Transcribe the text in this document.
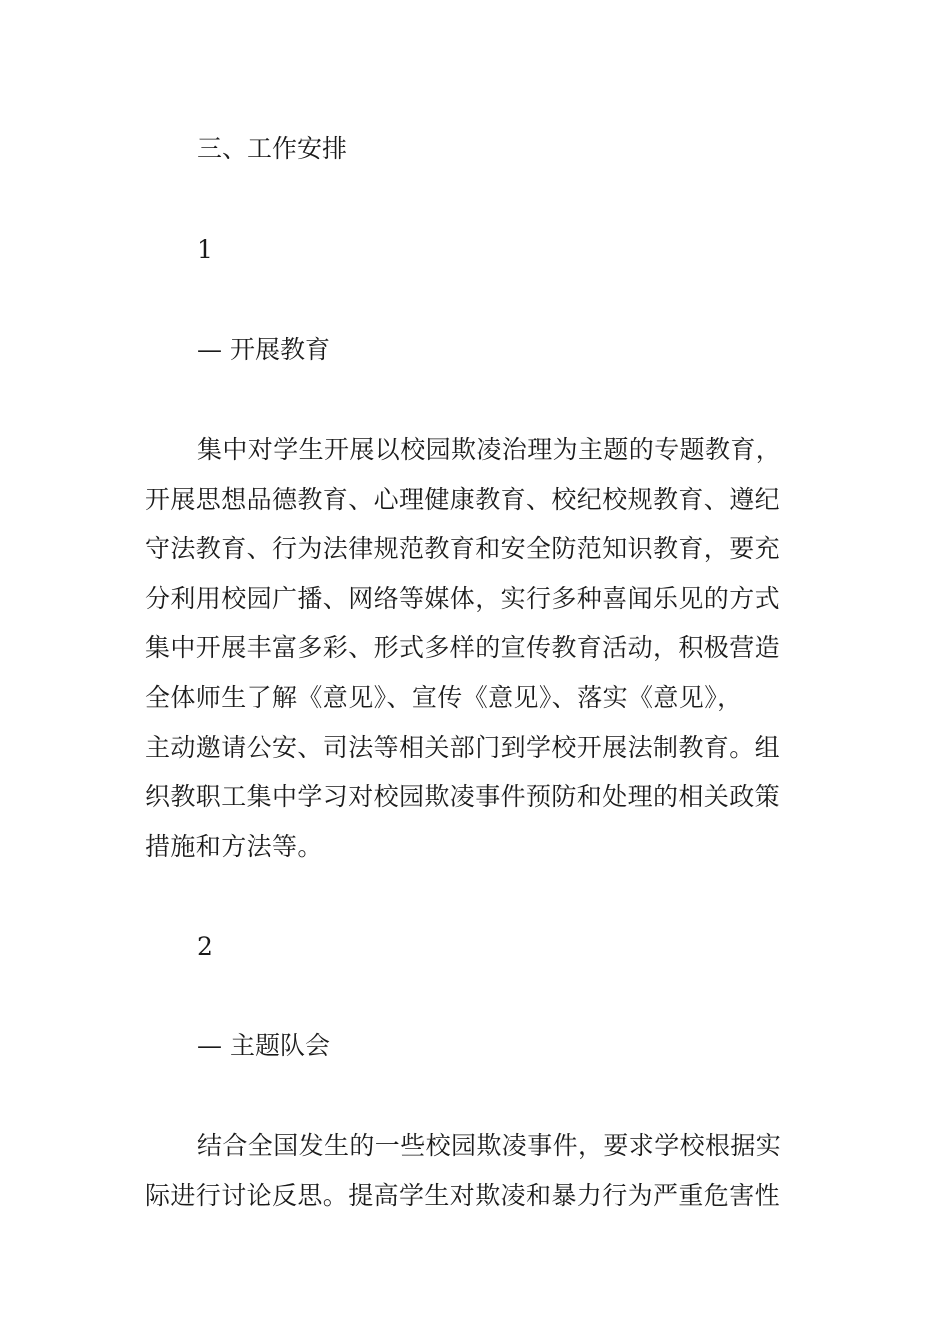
三、工作安排
1
— 开展教育
集中对学生开展以校园欺凌治理为主题的专题教育，
开展思想品德教育、心理健康教育、校纪校规教育、遵纪
守法教育、行为法律规范教育和安全防范知识教育，要充
分利用校园广播、网络等媒体，实行多种喜闻乐见的方式
集中开展丰富多彩、形式多样的宣传教育活动，积极营造
全体师生了解《意见》、宣传《意见》、落实《意见》，
主动邀请公安、司法等相关部门到学校开展法制教育。组
织教职工集中学习对校园欺凌事件预防和处理的相关政策
措施和方法等。
2
— 主题队会
结合全国发生的一些校园欺凌事件，要求学校根据实
际进行讨论反思。提高学生对欺凌和暴力行为严重危害性
